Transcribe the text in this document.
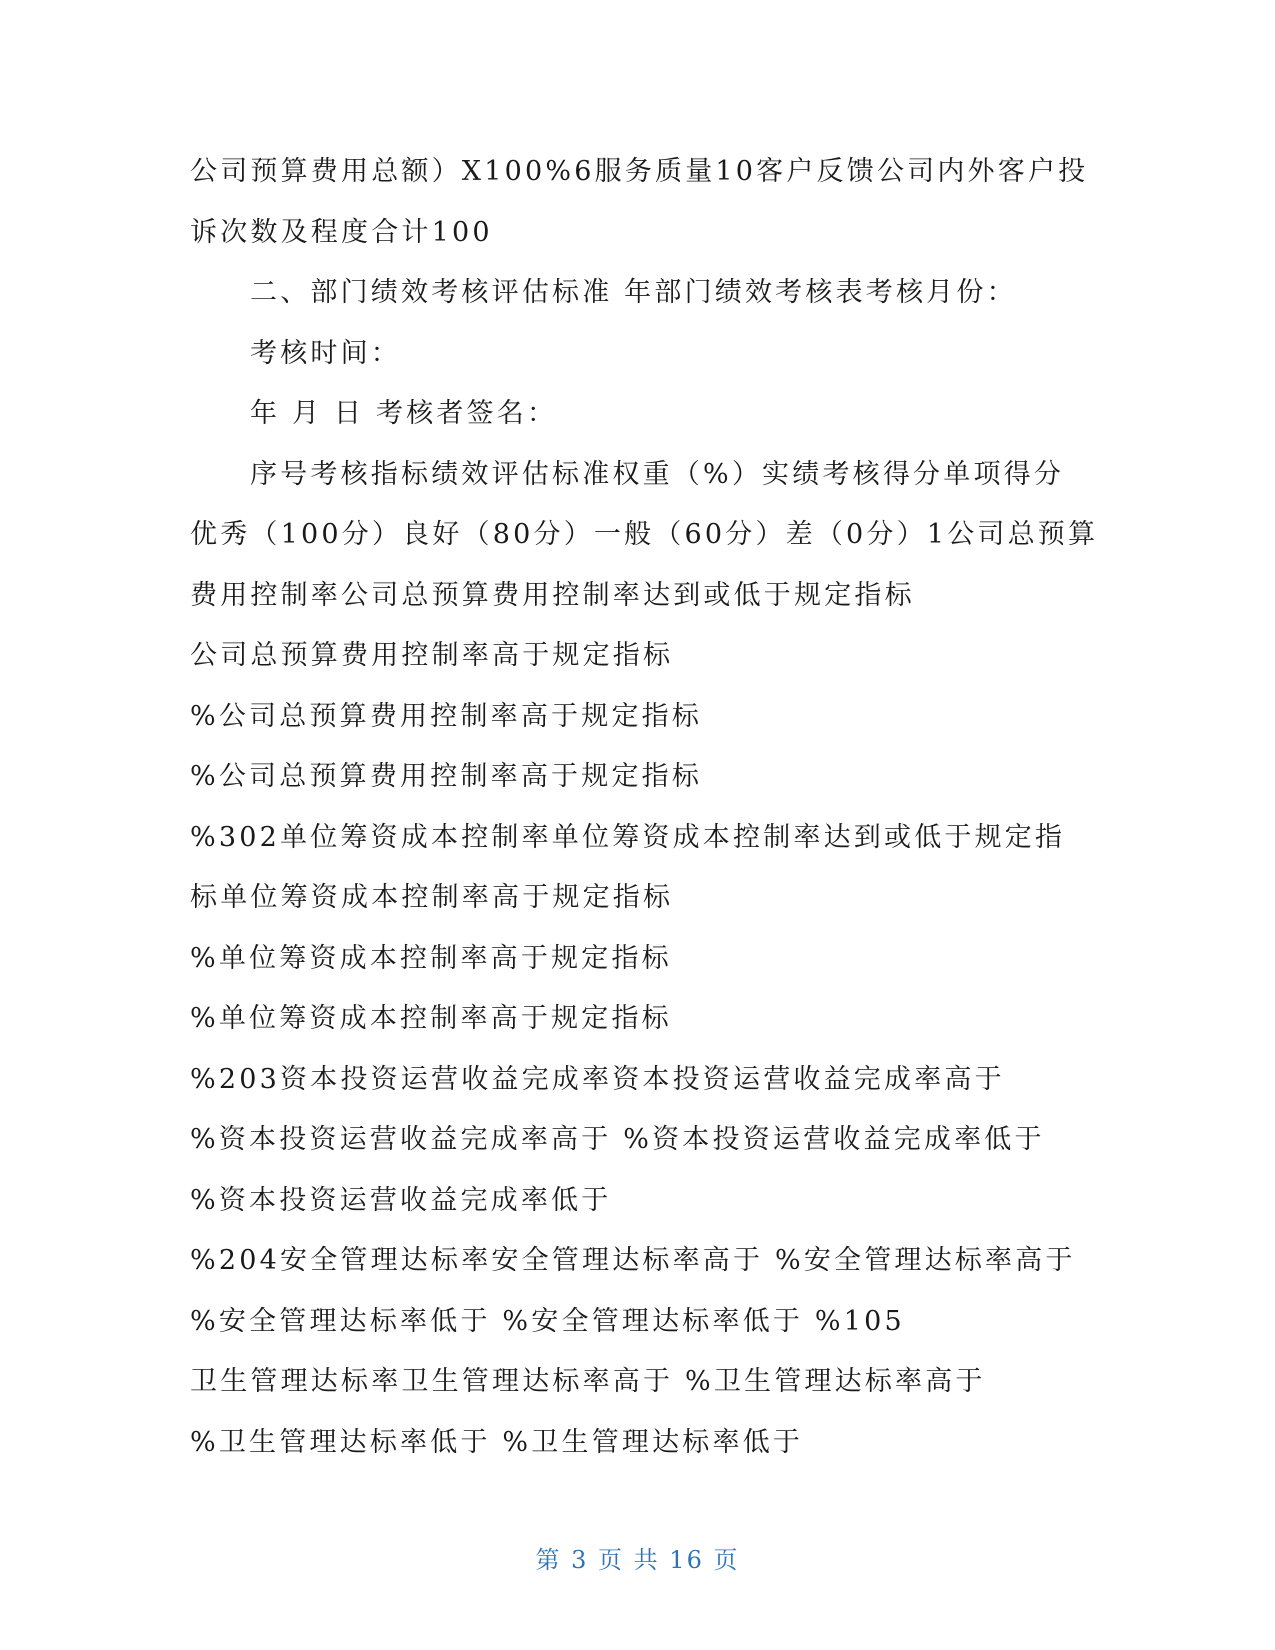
公司预算费用总额）X100%6服务质量10客户反馈公司内外客户投
诉次数及程度合计100
二、部门绩效考核评估标准 年部门绩效考核表考核月份：
考核时间：
年 月 日 考核者签名：
序号考核指标绩效评估标准权重（%）实绩考核得分单项得分
优秀（100分）良好（80分）一般（60分）差（0分）1公司总预算
费用控制率公司总预算费用控制率达到或低于规定指标
公司总预算费用控制率高于规定指标
%公司总预算费用控制率高于规定指标
%公司总预算费用控制率高于规定指标
%302单位筹资成本控制率单位筹资成本控制率达到或低于规定指
标单位筹资成本控制率高于规定指标
%单位筹资成本控制率高于规定指标
%单位筹资成本控制率高于规定指标
%203资本投资运营收益完成率资本投资运营收益完成率高于
%资本投资运营收益完成率高于 %资本投资运营收益完成率低于
%资本投资运营收益完成率低于
%204安全管理达标率安全管理达标率高于 %安全管理达标率高于
%安全管理达标率低于 %安全管理达标率低于 %105
卫生管理达标率卫生管理达标率高于 %卫生管理达标率高于
%卫生管理达标率低于 %卫生管理达标率低于
第 3 页 共 16 页
